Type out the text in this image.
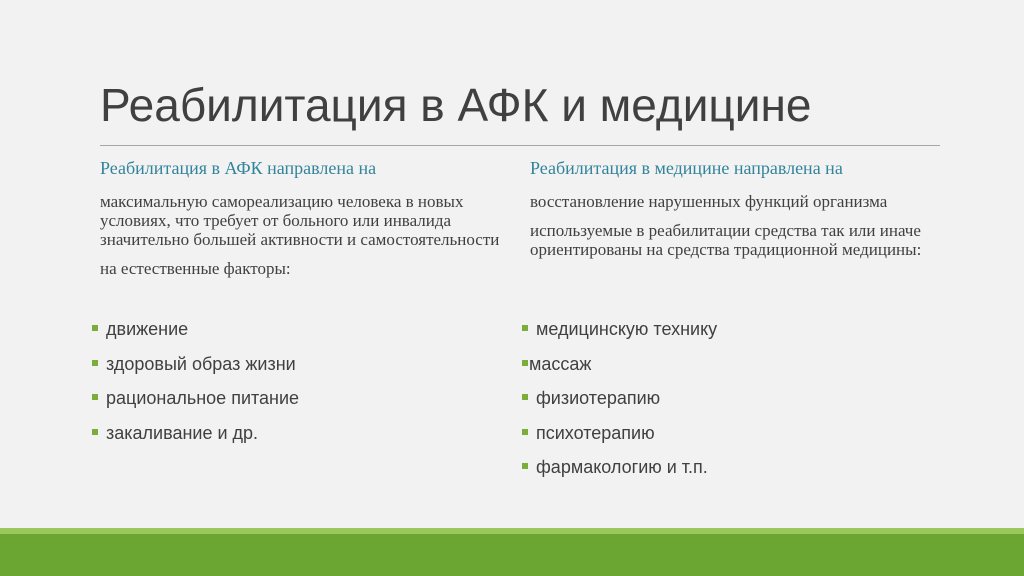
Реабилитация в АФК и медицине

Реабилитация в АФК направлена на

максимальную самореализацию человека в новых условиях, что требует от больного или инвалида значительно большей активности и самостоятельности

на естественные факторы:

движение
здоровый образ жизни
рациональное питание
закаливание и др.

Реабилитация в медицине направлена на

восстановление нарушенных функций организма

используемые в реабилитации средства так или иначе ориентированы на средства традиционной медицины:

медицинскую технику
массаж
физиотерапию
психотерапию
фармакологию и т.п.
